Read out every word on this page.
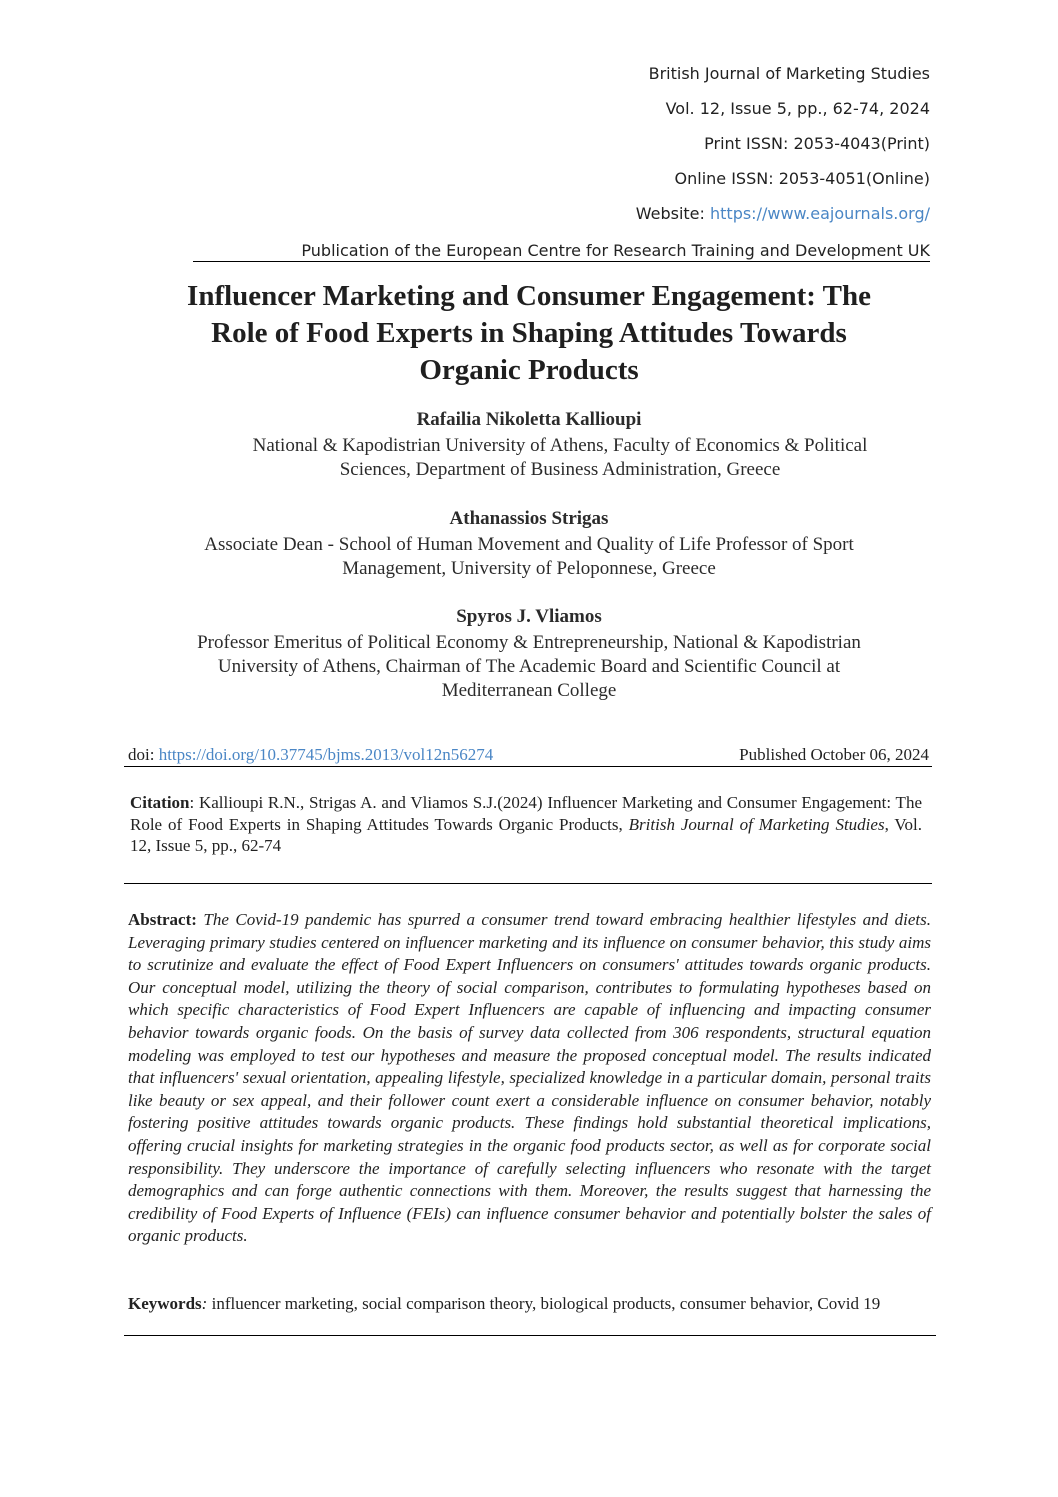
British Journal of Marketing Studies
Vol. 12, Issue 5, pp., 62-74, 2024
Print ISSN: 2053-4043(Print)
Online ISSN: 2053-4051(Online)
Website: https://www.eajournals.org/
Publication of the European Centre for Research Training and Development UK
Influencer Marketing and Consumer Engagement: The
Role of Food Experts in Shaping Attitudes Towards
Organic Products
Rafailia Nikoletta Kallioupi
National & Kapodistrian University of Athens, Faculty of Economics & Political
Sciences, Department of Business Administration, Greece
Athanassios Strigas
Associate Dean - School of Human Movement and Quality of Life Professor of Sport
Management, University of Peloponnese, Greece
Spyros J. Vliamos
Professor Emeritus of Political Economy & Entrepreneurship, National & Kapodistrian
University of Athens, Chairman of The Academic Board and Scientific Council at
Mediterranean College
doi: https://doi.org/10.37745/bjms.2013/vol12n56274	Published October 06, 2024
Citation: Kallioupi R.N., Strigas A. and Vliamos S.J.(2024) Influencer Marketing and Consumer Engagement: The Role of Food Experts in Shaping Attitudes Towards Organic Products, British Journal of Marketing Studies, Vol. 12, Issue 5, pp., 62-74
Abstract: The Covid-19 pandemic has spurred a consumer trend toward embracing healthier lifestyles and diets. Leveraging primary studies centered on influencer marketing and its influence on consumer behavior, this study aims to scrutinize and evaluate the effect of Food Expert Influencers on consumers' attitudes towards organic products. Our conceptual model, utilizing the theory of social comparison, contributes to formulating hypotheses based on which specific characteristics of Food Expert Influencers are capable of influencing and impacting consumer behavior towards organic foods. On the basis of survey data collected from 306 respondents, structural equation modeling was employed to test our hypotheses and measure the proposed conceptual model. The results indicated that influencers' sexual orientation, appealing lifestyle, specialized knowledge in a particular domain, personal traits like beauty or sex appeal, and their follower count exert a considerable influence on consumer behavior, notably fostering positive attitudes towards organic products. These findings hold substantial theoretical implications, offering crucial insights for marketing strategies in the organic food products sector, as well as for corporate social responsibility. They underscore the importance of carefully selecting influencers who resonate with the target demographics and can forge authentic connections with them. Moreover, the results suggest that harnessing the credibility of Food Experts of Influence (FEIs) can influence consumer behavior and potentially bolster the sales of organic products.
Keywords: influencer marketing, social comparison theory, biological products, consumer behavior, Covid 19
